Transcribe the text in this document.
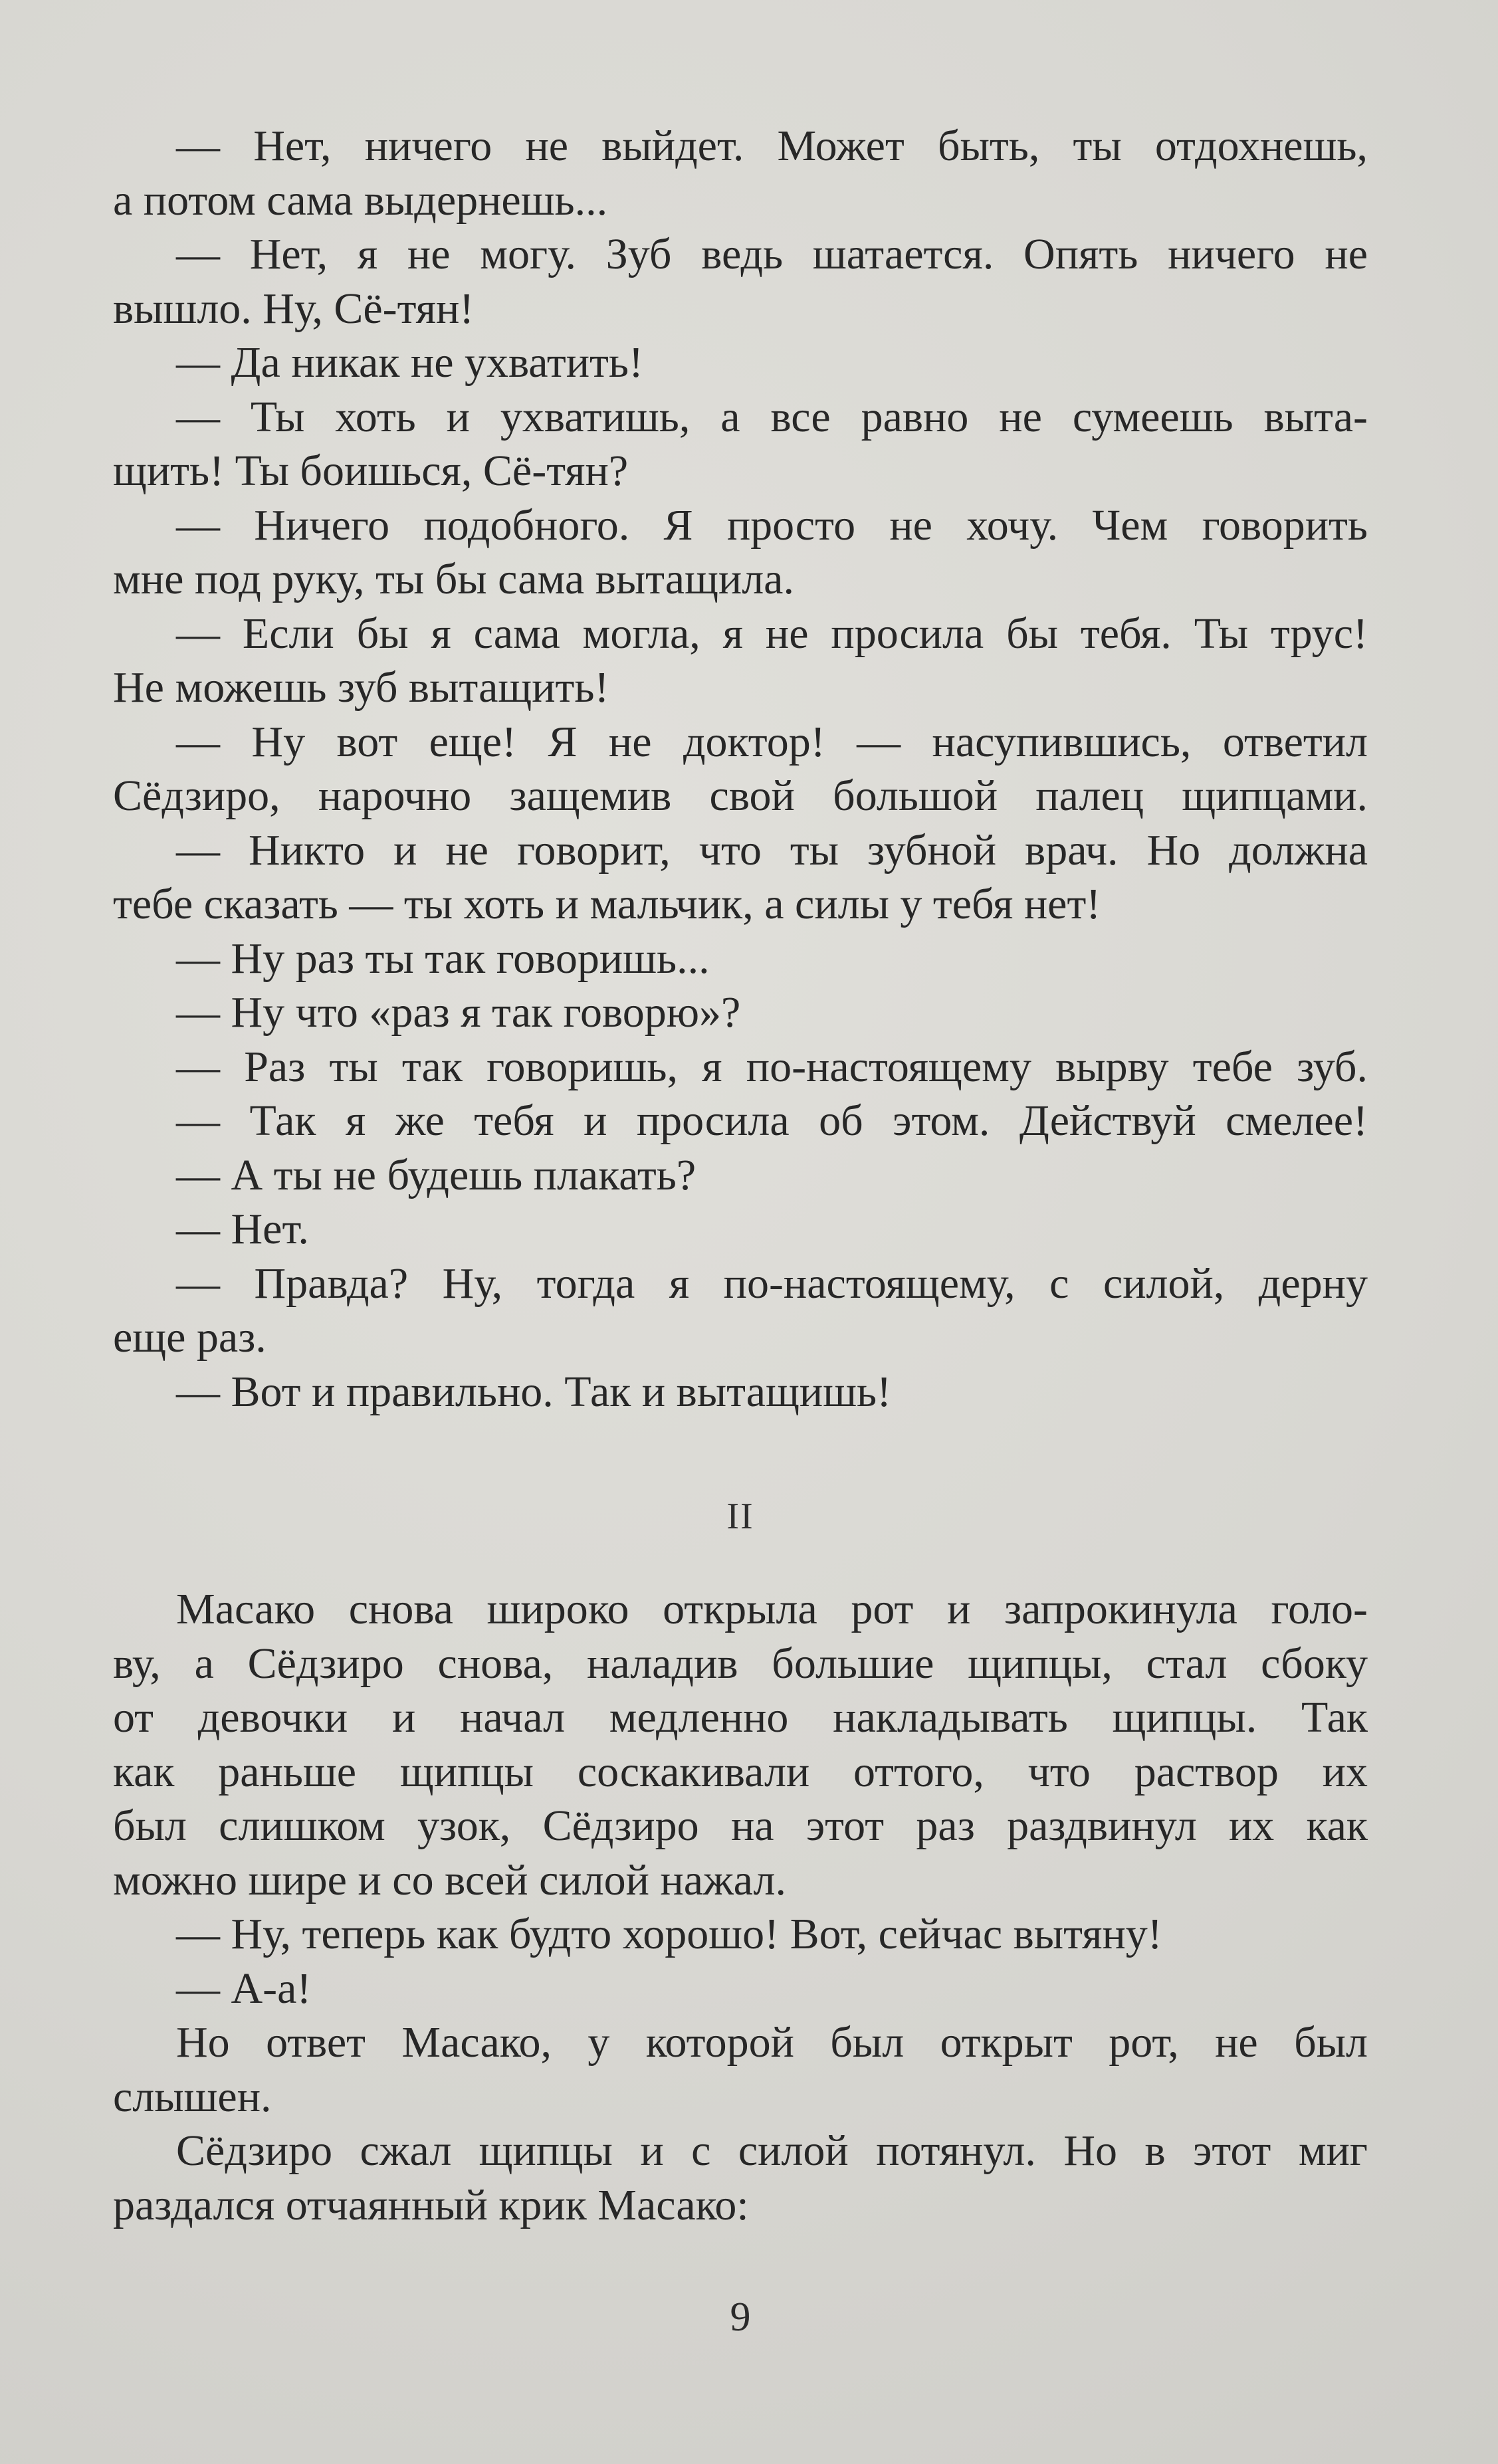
— Нет, ничего не выйдет. Может быть, ты отдохнешь,
а потом сама выдернешь...
— Нет, я не могу. Зуб ведь шатается. Опять ничего не
вышло. Ну, Сё-тян!
— Да никак не ухватить!
— Ты хоть и ухватишь, а все равно не сумеешь выта-
щить! Ты боишься, Сё-тян?
— Ничего подобного. Я просто не хочу. Чем говорить
мне под руку, ты бы сама вытащила.
— Если бы я сама могла, я не просила бы тебя. Ты трус!
Не можешь зуб вытащить!
— Ну вот еще! Я не доктор! — насупившись, ответил
Сёдзиро, нарочно защемив свой большой палец щипцами.
— Никто и не говорит, что ты зубной врач. Но должна
тебе сказать — ты хоть и мальчик, а силы у тебя нет!
— Ну раз ты так говоришь...
— Ну что «раз я так говорю»?
— Раз ты так говоришь, я по-настоящему вырву тебе зуб.
— Так я же тебя и просила об этом. Действуй смелее!
— А ты не будешь плакать?
— Нет.
— Правда? Ну, тогда я по-настоящему, с силой, дерну
еще раз.
— Вот и правильно. Так и вытащишь!
II
Масако снова широко открыла рот и запрокинула голо-
ву, а Сёдзиро снова, наладив большие щипцы, стал сбоку
от девочки и начал медленно накладывать щипцы. Так
как раньше щипцы соскакивали оттого, что раствор их
был слишком узок, Сёдзиро на этот раз раздвинул их как
можно шире и со всей силой нажал.
— Ну, теперь как будто хорошо! Вот, сейчас вытяну!
— А-а!
Но ответ Масако, у которой был открыт рот, не был
слышен.
Сёдзиро сжал щипцы и с силой потянул. Но в этот миг
раздался отчаянный крик Масако:
9
